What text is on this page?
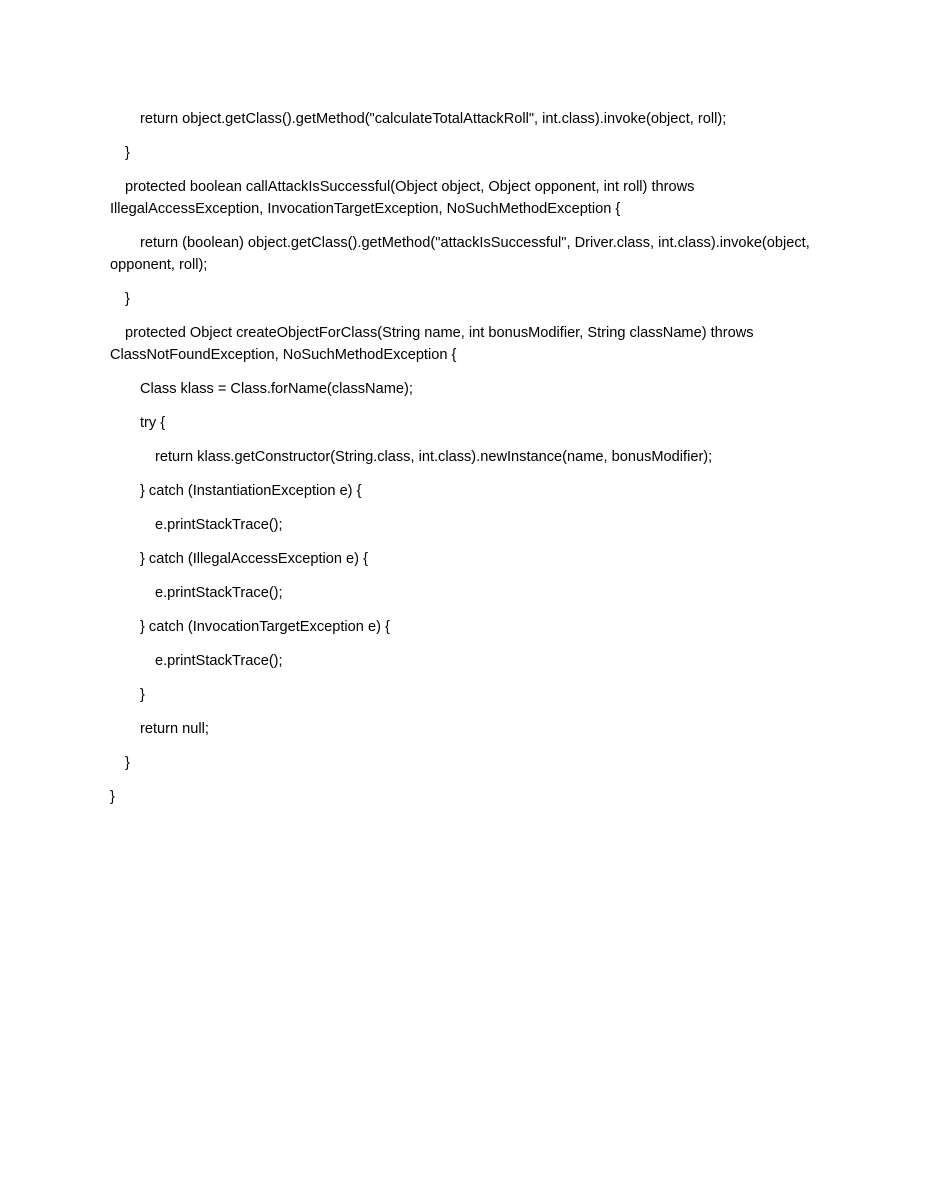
return object.getClass().getMethod("calculateTotalAttackRoll", int.class).invoke(object, roll);

}

protected boolean callAttackIsSuccessful(Object object, Object opponent, int roll) throws IllegalAccessException, InvocationTargetException, NoSuchMethodException {

return (boolean) object.getClass().getMethod("attackIsSuccessful", Driver.class, int.class).invoke(object, opponent, roll);

}

protected Object createObjectForClass(String name, int bonusModifier, String className) throws ClassNotFoundException, NoSuchMethodException {

Class klass = Class.forName(className);

try {

return klass.getConstructor(String.class, int.class).newInstance(name, bonusModifier);

} catch (InstantiationException e) {

e.printStackTrace();

} catch (IllegalAccessException e) {

e.printStackTrace();

} catch (InvocationTargetException e) {

e.printStackTrace();

}

return null;

}

}
